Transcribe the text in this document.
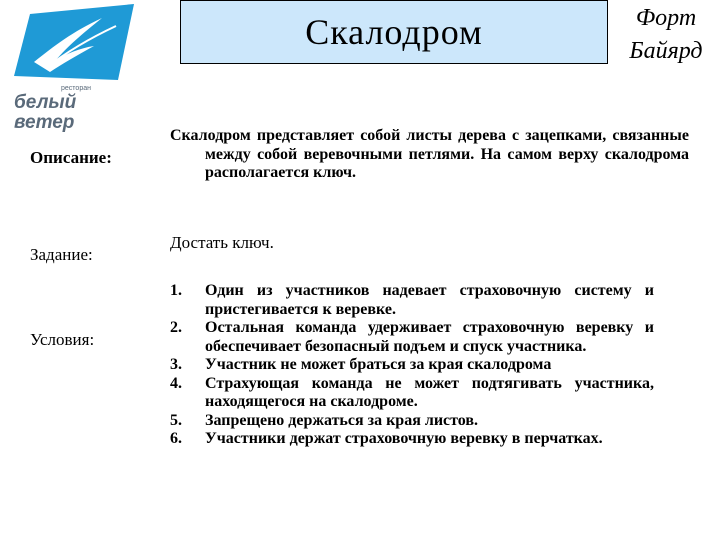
ресторан
белый
ветер
Скалодром	Форт
Байярд
Описание:
Скалодром представляет собой листы дерева с зацепками, связанные между собой веревочными петлями. На самом верху скалодрома располагается ключ.
Задание:
Достать ключ.
Условия:
1. Один из участников надевает страховочную систему и пристегивается к веревке.
2. Остальная команда удерживает страховочную веревку и обеспечивает безопасный подъем и спуск участника.
3. Участник не может браться за края скалодрома
4. Страхующая команда не может подтягивать участника, находящегося на скалодроме.
5. Запрещено держаться за края листов.
6. Участники держат страховочную веревку в перчатках.
